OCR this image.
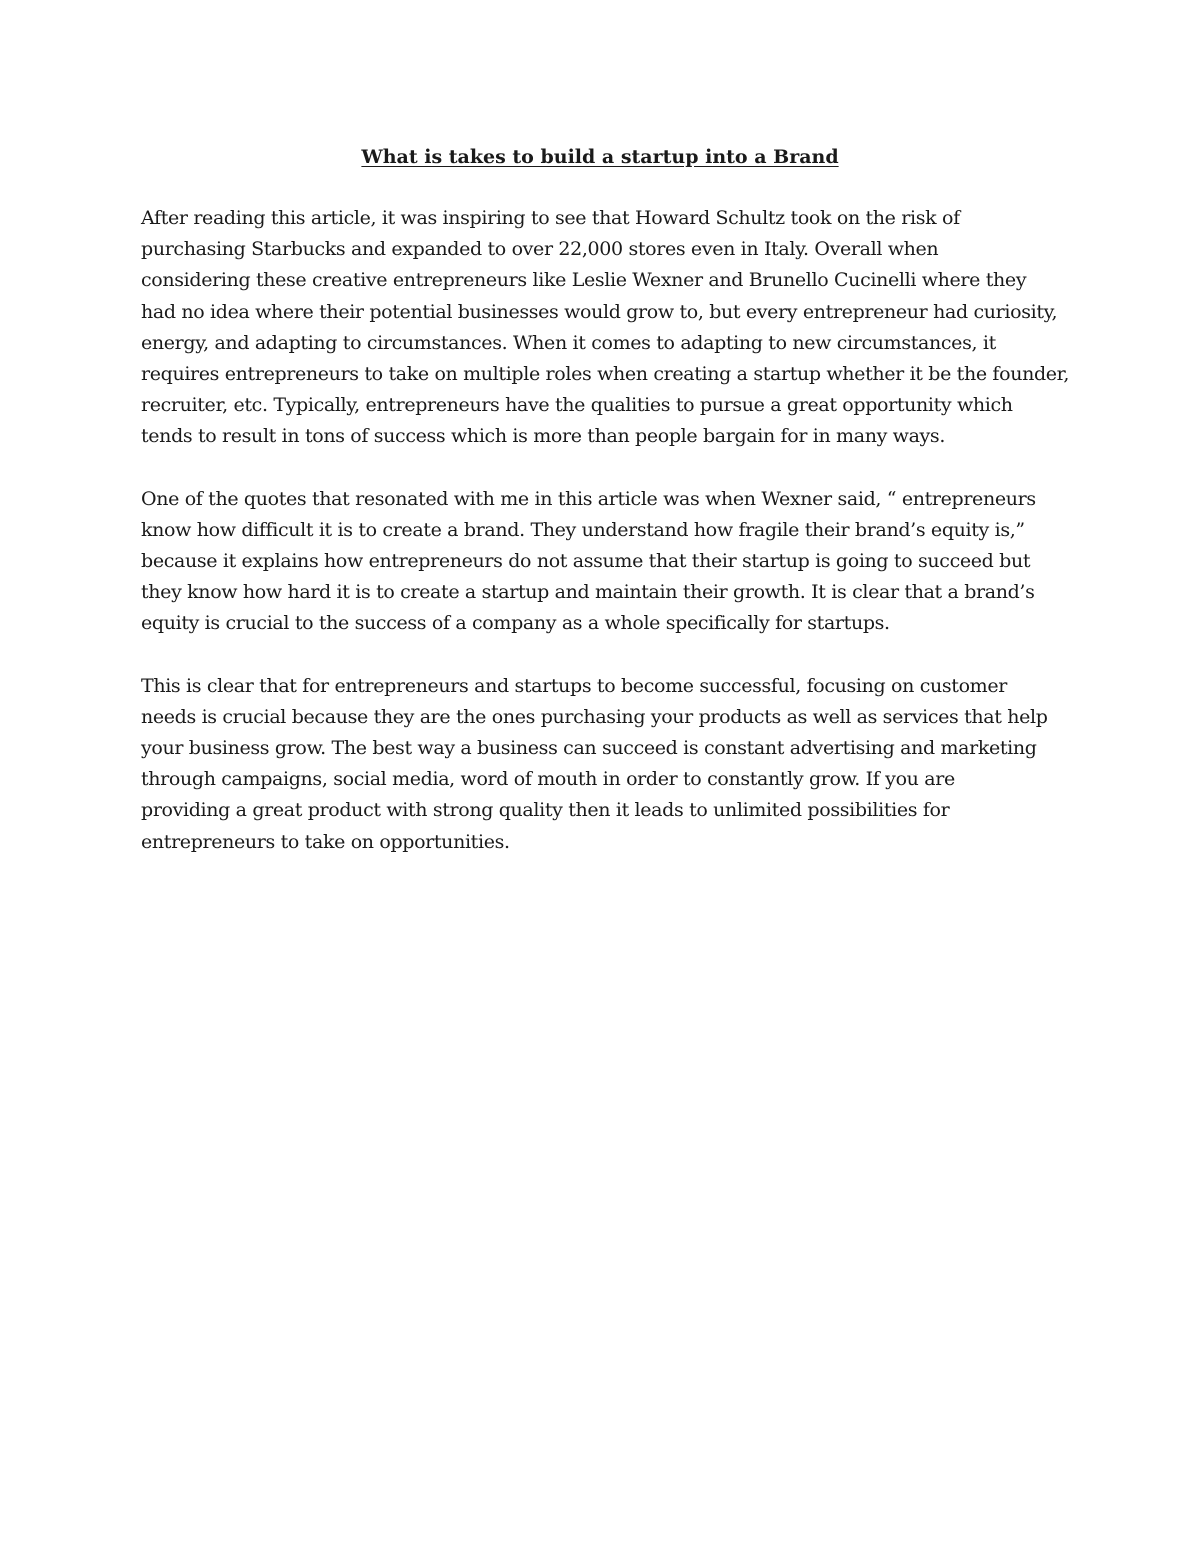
What is takes to build a startup into a Brand

After reading this article, it was inspiring to see that Howard Schultz took on the risk of
purchasing Starbucks and expanded to over 22,000 stores even in Italy. Overall when
considering these creative entrepreneurs like Leslie Wexner and Brunello Cucinelli where they
had no idea where their potential businesses would grow to, but every entrepreneur had curiosity,
energy, and adapting to circumstances. When it comes to adapting to new circumstances, it
requires entrepreneurs to take on multiple roles when creating a startup whether it be the founder,
recruiter, etc. Typically, entrepreneurs have the qualities to pursue a great opportunity which
tends to result in tons of success which is more than people bargain for in many ways.

One of the quotes that resonated with me in this article was when Wexner said, “ entrepreneurs
know how difficult it is to create a brand. They understand how fragile their brand’s equity is,”
because it explains how entrepreneurs do not assume that their startup is going to succeed but
they know how hard it is to create a startup and maintain their growth. It is clear that a brand’s
equity is crucial to the success of a company as a whole specifically for startups.

This is clear that for entrepreneurs and startups to become successful, focusing on customer
needs is crucial because they are the ones purchasing your products as well as services that help
your business grow. The best way a business can succeed is constant advertising and marketing
through campaigns, social media, word of mouth in order to constantly grow. If you are
providing a great product with strong quality then it leads to unlimited possibilities for
entrepreneurs to take on opportunities.
